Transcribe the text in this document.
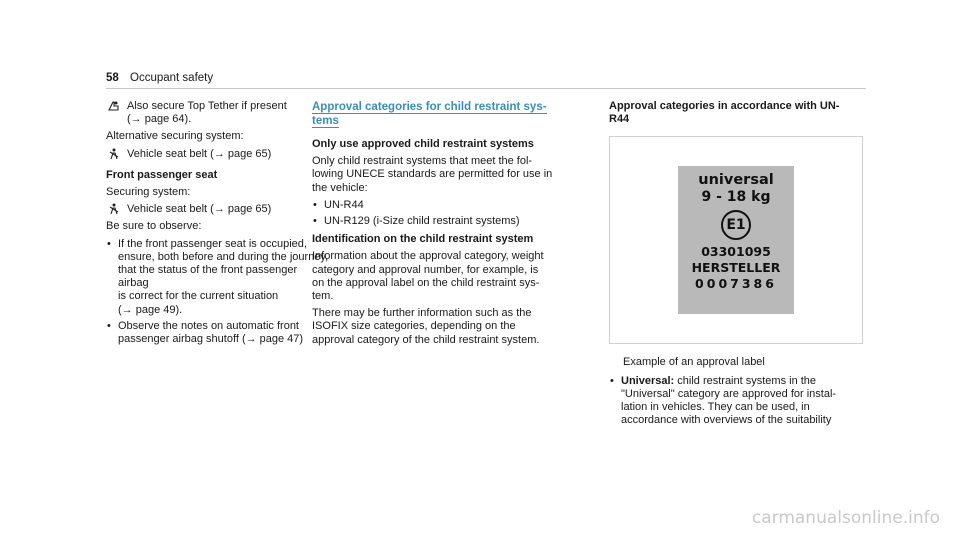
58 Occupant safety
Also secure Top Tether if present
(→ page 64).

Alternative securing system:

Vehicle seat belt (→ page 65)
Front passenger seat

Securing system:

Vehicle seat belt (→ page 65)

Be sure to observe:

• If the front passenger seat is occupied,
ensure, both before and during the journey,
that the status of the front passenger airbag
is correct for the current situation
(→ page 49).
• Observe the notes on automatic front
passenger airbag shutoff (→ page 47)
Approval categories for child restraint sys-
tems
Only use approved child restraint systems

Only child restraint systems that meet the fol-
lowing UNECE standards are permitted for use in
the vehicle:

• UN-R44
• UN-R129 (i-Size child restraint systems)
Identification on the child restraint system

Information about the approval category, weight
category and approval number, for example, is
on the approval label on the child restraint sys-
tem.

There may be further information such as the
ISOFIX size categories, depending on the
approval category of the child restraint system.

Approval categories in accordance with UN-
R44
universal
9 - 18 kg
E1
03301095
HERSTELLER
0007386

Example of an approval label

• Universal: child restraint systems in the
"Universal" category are approved for instal-
lation in vehicles. They can be used, in
accordance with overviews of the suitability
carmanualsonline.info
